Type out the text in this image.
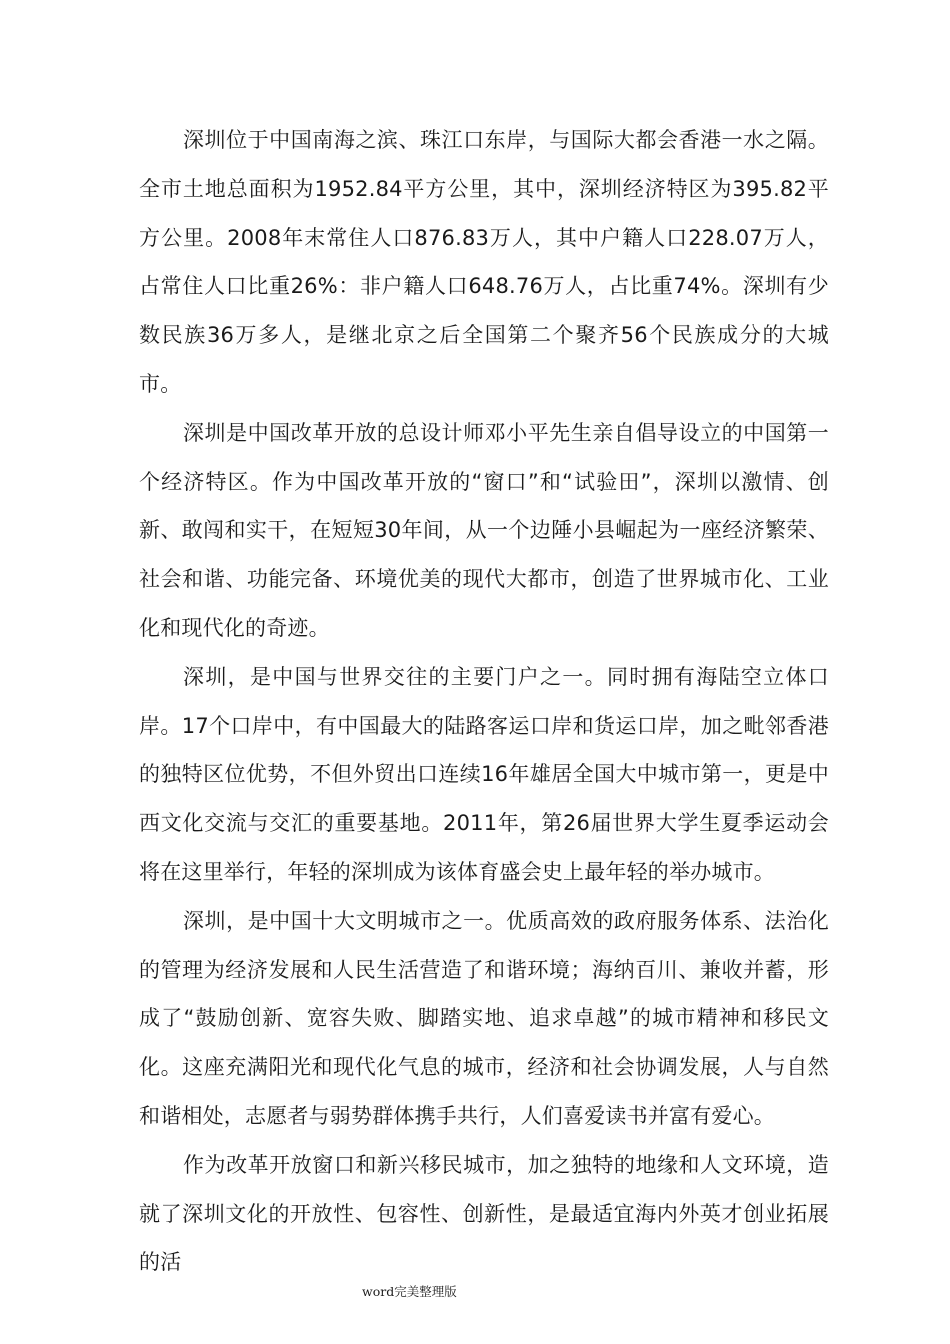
深圳位于中国南海之滨、珠江口东岸，与国际大都会香港一水之隔。全市土地总面积为1952.84平方公里，其中，深圳经济特区为395.82平方公里。2008年末常住人口876.83万人，其中户籍人口228.07万人，占常住人口比重26%：非户籍人口648.76万人，占比重74%。深圳有少数民族36万多人，是继北京之后全国第二个聚齐56个民族成分的大城市。

深圳是中国改革开放的总设计师邓小平先生亲自倡导设立的中国第一个经济特区。作为中国改革开放的“窗口”和“试验田”，深圳以激情、创新、敢闯和实干，在短短30年间，从一个边陲小县崛起为一座经济繁荣、社会和谐、功能完备、环境优美的现代大都市，创造了世界城市化、工业化和现代化的奇迹。

深圳，是中国与世界交往的主要门户之一。同时拥有海陆空立体口岸。17个口岸中，有中国最大的陆路客运口岸和货运口岸，加之毗邻香港的独特区位优势，不但外贸出口连续16年雄居全国大中城市第一，更是中西文化交流与交汇的重要基地。2011年，第26届世界大学生夏季运动会将在这里举行，年轻的深圳成为该体育盛会史上最年轻的举办城市。

深圳，是中国十大文明城市之一。优质高效的政府服务体系、法治化的管理为经济发展和人民生活营造了和谐环境；海纳百川、兼收并蓄，形成了“鼓励创新、宽容失败、脚踏实地、追求卓越”的城市精神和移民文化。这座充满阳光和现代化气息的城市，经济和社会协调发展，人与自然和谐相处，志愿者与弱势群体携手共行，人们喜爱读书并富有爱心。

作为改革开放窗口和新兴移民城市，加之独特的地缘和人文环境，造就了深圳文化的开放性、包容性、创新性，是最适宜海内外英才创业拓展的活

word完美整理版
